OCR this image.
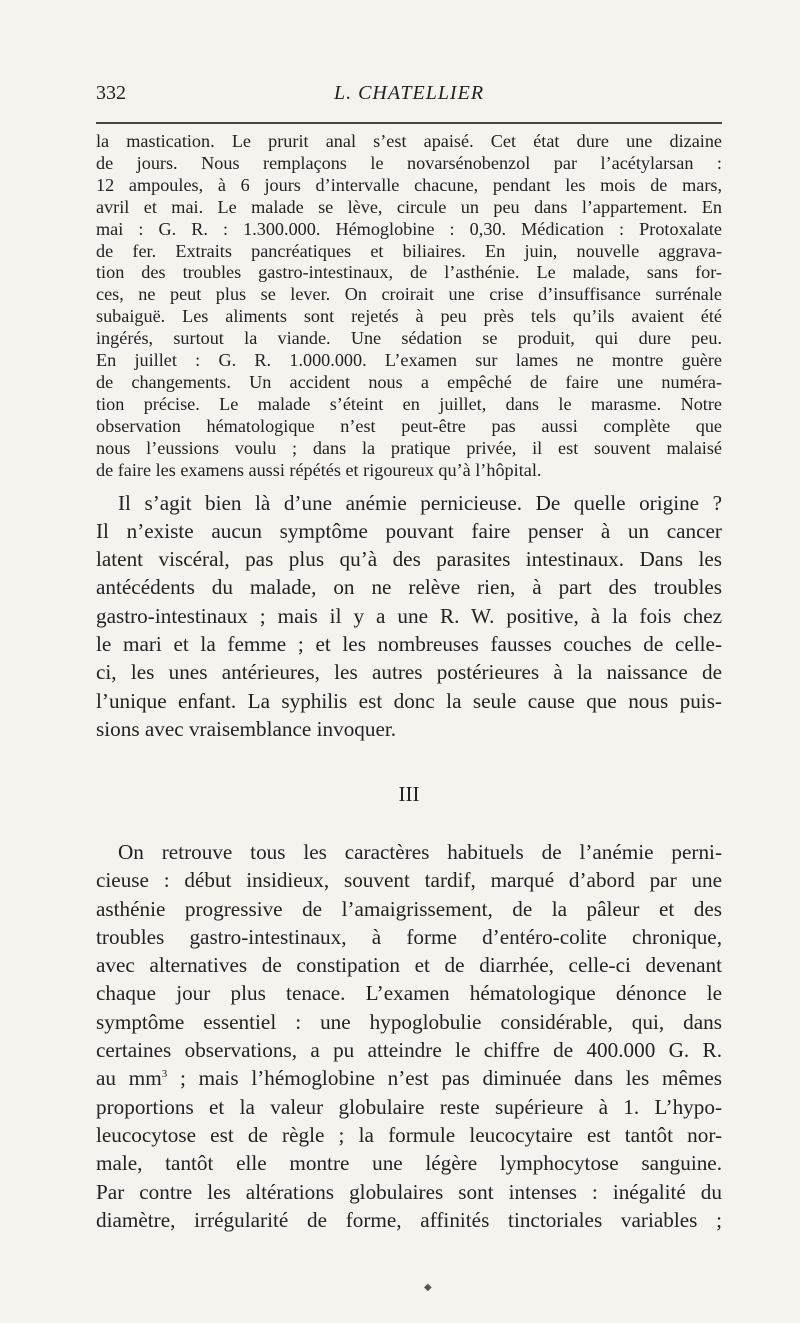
332	L. CHATELLIER
la mastication. Le prurit anal s’est apaisé. Cet état dure une dizaine
de jours. Nous remplaçons le novarsénobenzol par l’acétylarsan :
12 ampoules, à 6 jours d’intervalle chacune, pendant les mois de mars,
avril et mai. Le malade se lève, circule un peu dans l’appartement. En
mai : G. R. : 1.300.000. Hémoglobine : 0,30. Médication : Protoxalate
de fer. Extraits pancréatiques et biliaires. En juin, nouvelle aggrava-
tion des troubles gastro-intestinaux, de l’asthénie. Le malade, sans for-
ces, ne peut plus se lever. On croirait une crise d’insuffisance surrénale
subaiguë. Les aliments sont rejetés à peu près tels qu’ils avaient été
ingérés, surtout la viande. Une sédation se produit, qui dure peu.
En juillet : G. R. 1.000.000. L’examen sur lames ne montre guère
de changements. Un accident nous a empêché de faire une numéra-
tion précise. Le malade s’éteint en juillet, dans le marasme. Notre
observation hématologique n’est peut-être pas aussi complète que
nous l’eussions voulu ; dans la pratique privée, il est souvent malaisé
de faire les examens aussi répétés et rigoureux qu’à l’hôpital.
Il s’agit bien là d’une anémie pernicieuse. De quelle origine ?
Il n’existe aucun symptôme pouvant faire penser à un cancer
latent viscéral, pas plus qu’à des parasites intestinaux. Dans les
antécédents du malade, on ne relève rien, à part des troubles
gastro-intestinaux ; mais il y a une R. W. positive, à la fois chez
le mari et la femme ; et les nombreuses fausses couches de celle-
ci, les unes antérieures, les autres postérieures à la naissance de
l’unique enfant. La syphilis est donc la seule cause que nous puis-
sions avec vraisemblance invoquer.
III
On retrouve tous les caractères habituels de l’anémie perni-
cieuse : début insidieux, souvent tardif, marqué d’abord par une
asthénie progressive de l’amaigrissement, de la pâleur et des
troubles gastro-intestinaux, à forme d’entéro-colite chronique,
avec alternatives de constipation et de diarrhée, celle-ci devenant
chaque jour plus tenace. L’examen hématologique dénonce le
symptôme essentiel : une hypoglobulie considérable, qui, dans
certaines observations, a pu atteindre le chiffre de 400.000 G. R.
au $mm^3$ ; mais l’hémoglobine n’est pas diminuée dans les mêmes
proportions et la valeur globulaire reste supérieure à 1. L’hypo-
leucocytose est de règle ; la formule leucocytaire est tantôt nor-
male, tantôt elle montre une légère lymphocytose sanguine.
Par contre les altérations globulaires sont intenses : inégalité du
diamètre, irrégularité de forme, affinités tinctoriales variables ;
◆
